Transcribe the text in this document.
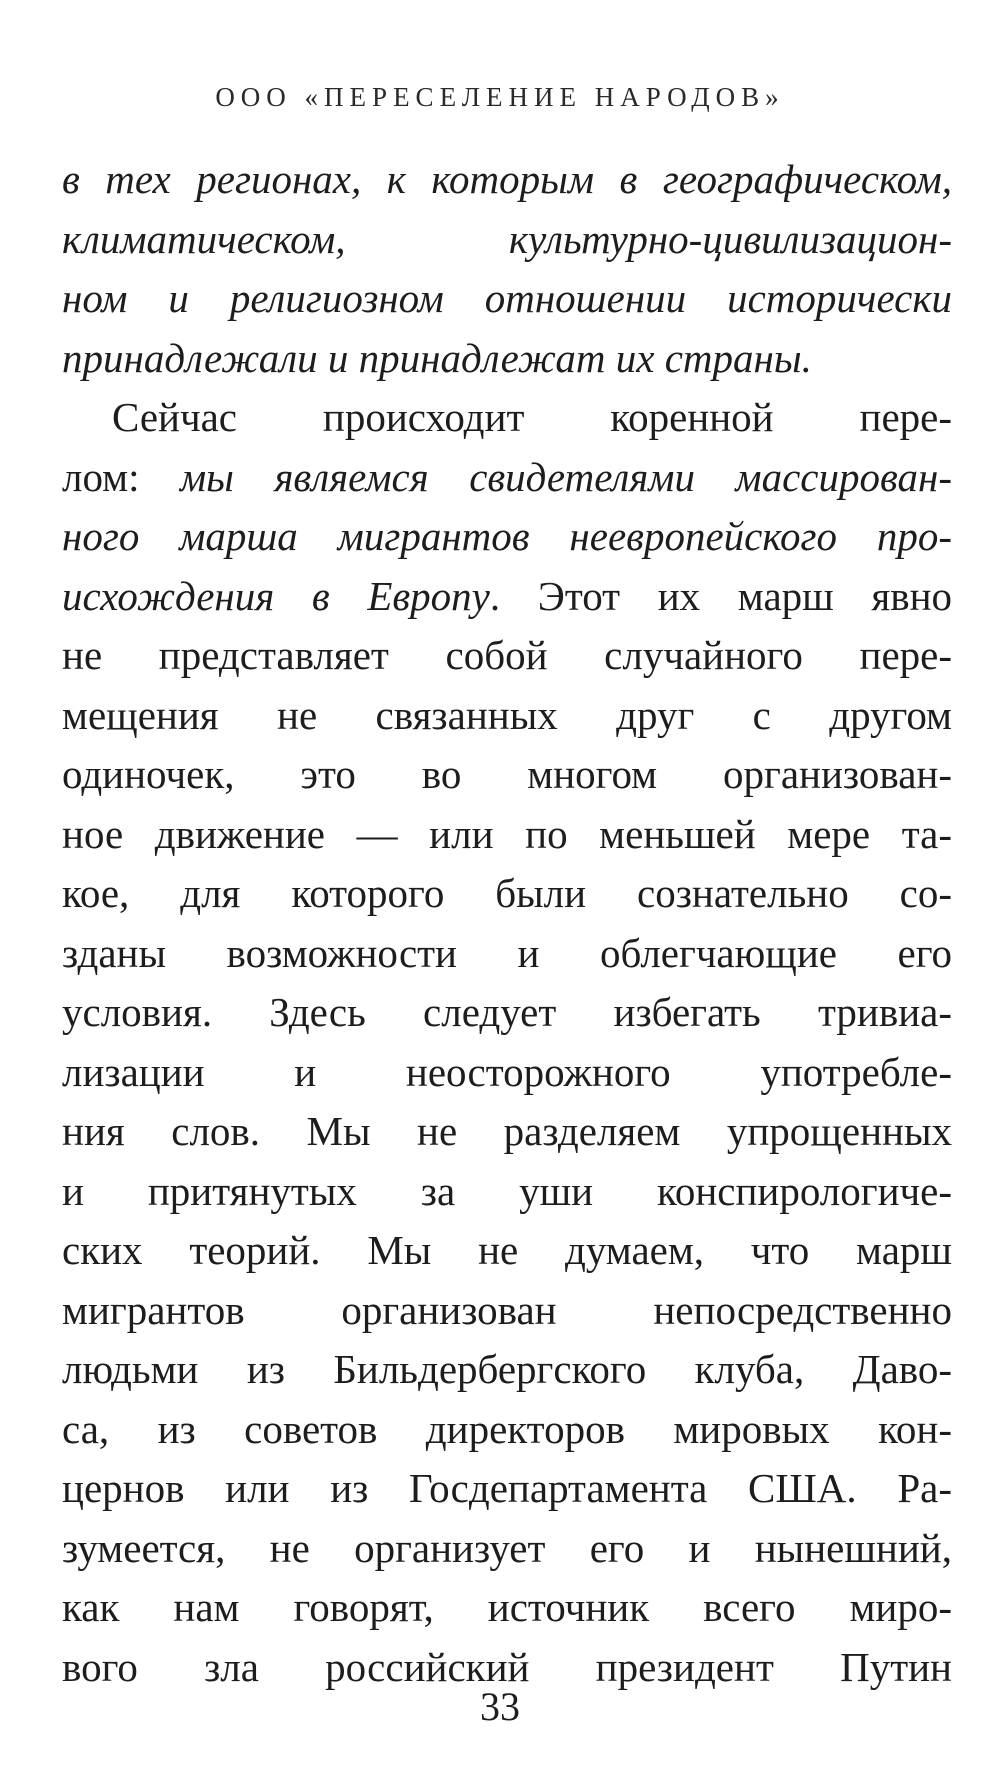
ООО «ПЕРЕСЕЛЕНИЕ НАРОДОВ»
в тех регионах, к которым в географическом,
климатическом, культурно-цивилизацион-
ном и религиозном отношении исторически
принадлежали и принадлежат их страны.
Сейчас происходит коренной пере-
лом: мы являемся свидетелями массирован-
ного марша мигрантов неевропейского про-
исхождения в Европу. Этот их марш явно
не представляет собой случайного пере-
мещения не связанных друг с другом
одиночек, это во многом организован-
ное движение — или по меньшей мере та-
кое, для которого были сознательно со-
зданы возможности и облегчающие его
условия. Здесь следует избегать тривиа-
лизации и неосторожного употребле-
ния слов. Мы не разделяем упрощенных
и притянутых за уши конспирологиче-
ских теорий. Мы не думаем, что марш
мигрантов организован непосредственно
людьми из Бильдербергского клуба, Даво-
са, из советов директоров мировых кон-
цернов или из Госдепартамента США. Ра-
зумеется, не организует его и нынешний,
как нам говорят, источник всего миро-
вого зла российский президент Путин
33
